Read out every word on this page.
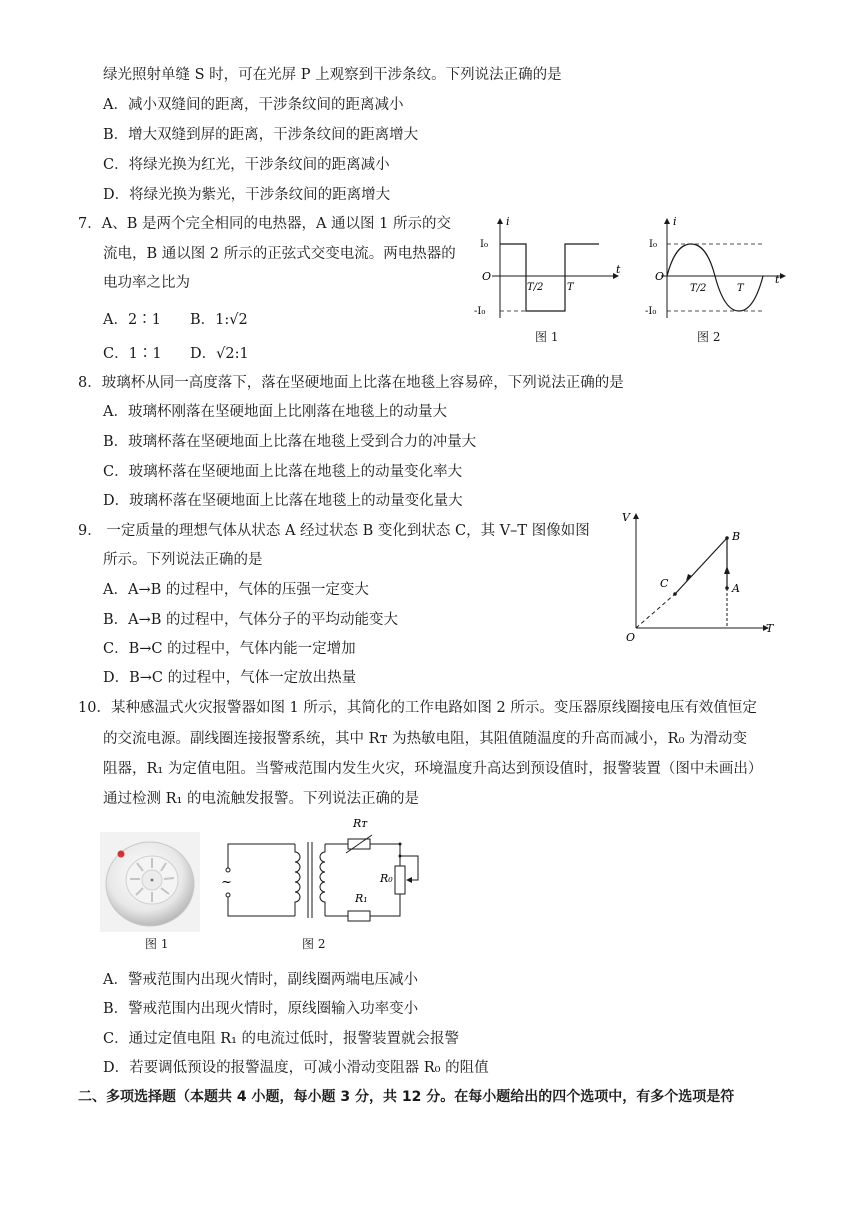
绿光照射单缝 S 时，可在光屏 P 上观察到干涉条纹。下列说法正确的是
A．减小双缝间的距离，干涉条纹间的距离减小
B．增大双缝到屏的距离，干涉条纹间的距离增大
C．将绿光换为红光，干涉条纹间的距离减小
D．将绿光换为紫光，干涉条纹间的距离增大
7．A、B 是两个完全相同的电热器，A 通以图 1 所示的交
流电，B 通以图 2 所示的正弦式交变电流。两电热器的
电功率之比为
A．2∶1 B．1:√2
C．1∶1 D．√2:1
i
t
O
I₀
-I₀
T/2 T
图 1
i
t
O
I₀
-I₀
T/2	T
图 2
8．玻璃杯从同一高度落下，落在坚硬地面上比落在地毯上容易碎，下列说法正确的是
A．玻璃杯刚落在坚硬地面上比刚落在地毯上的动量大
B．玻璃杯落在坚硬地面上比落在地毯上受到合力的冲量大
C．玻璃杯落在坚硬地面上比落在地毯上的动量变化率大
D．玻璃杯落在坚硬地面上比落在地毯上的动量变化量大
9． 一定质量的理想气体从状态 A 经过状态 B 变化到状态 C，其 V–T 图像如图
所示。下列说法正确的是
A．A→B 的过程中，气体的压强一定变大
B．A→B 的过程中，气体分子的平均动能变大
C．B→C 的过程中，气体内能一定增加
D．B→C 的过程中，气体一定放出热量
V
T
O
B
A
C
10．某种感温式火灾报警器如图 1 所示，其简化的工作电路如图 2 所示。变压器原线圈接电压有效值恒定
的交流电源。副线圈连接报警系统，其中 Rᴛ 为热敏电阻，其阻值随温度的升高而减小，R₀ 为滑动变
阻器，R₁ 为定值电阻。当警戒范围内发生火灾，环境温度升高达到预设值时，报警装置（图中未画出）
通过检测 R₁ 的电流触发报警。下列说法正确的是
图 1
Rᴛ
R₀
R₁
~
图 2
A．警戒范围内出现火情时，副线圈两端电压减小
B．警戒范围内出现火情时，原线圈输入功率变小
C．通过定值电阻 R₁ 的电流过低时，报警装置就会报警
D．若要调低预设的报警温度，可减小滑动变阻器 R₀ 的阻值
二、多项选择题（本题共 4 小题，每小题 3 分，共 12 分。在每小题给出的四个选项中，有多个选项是符
